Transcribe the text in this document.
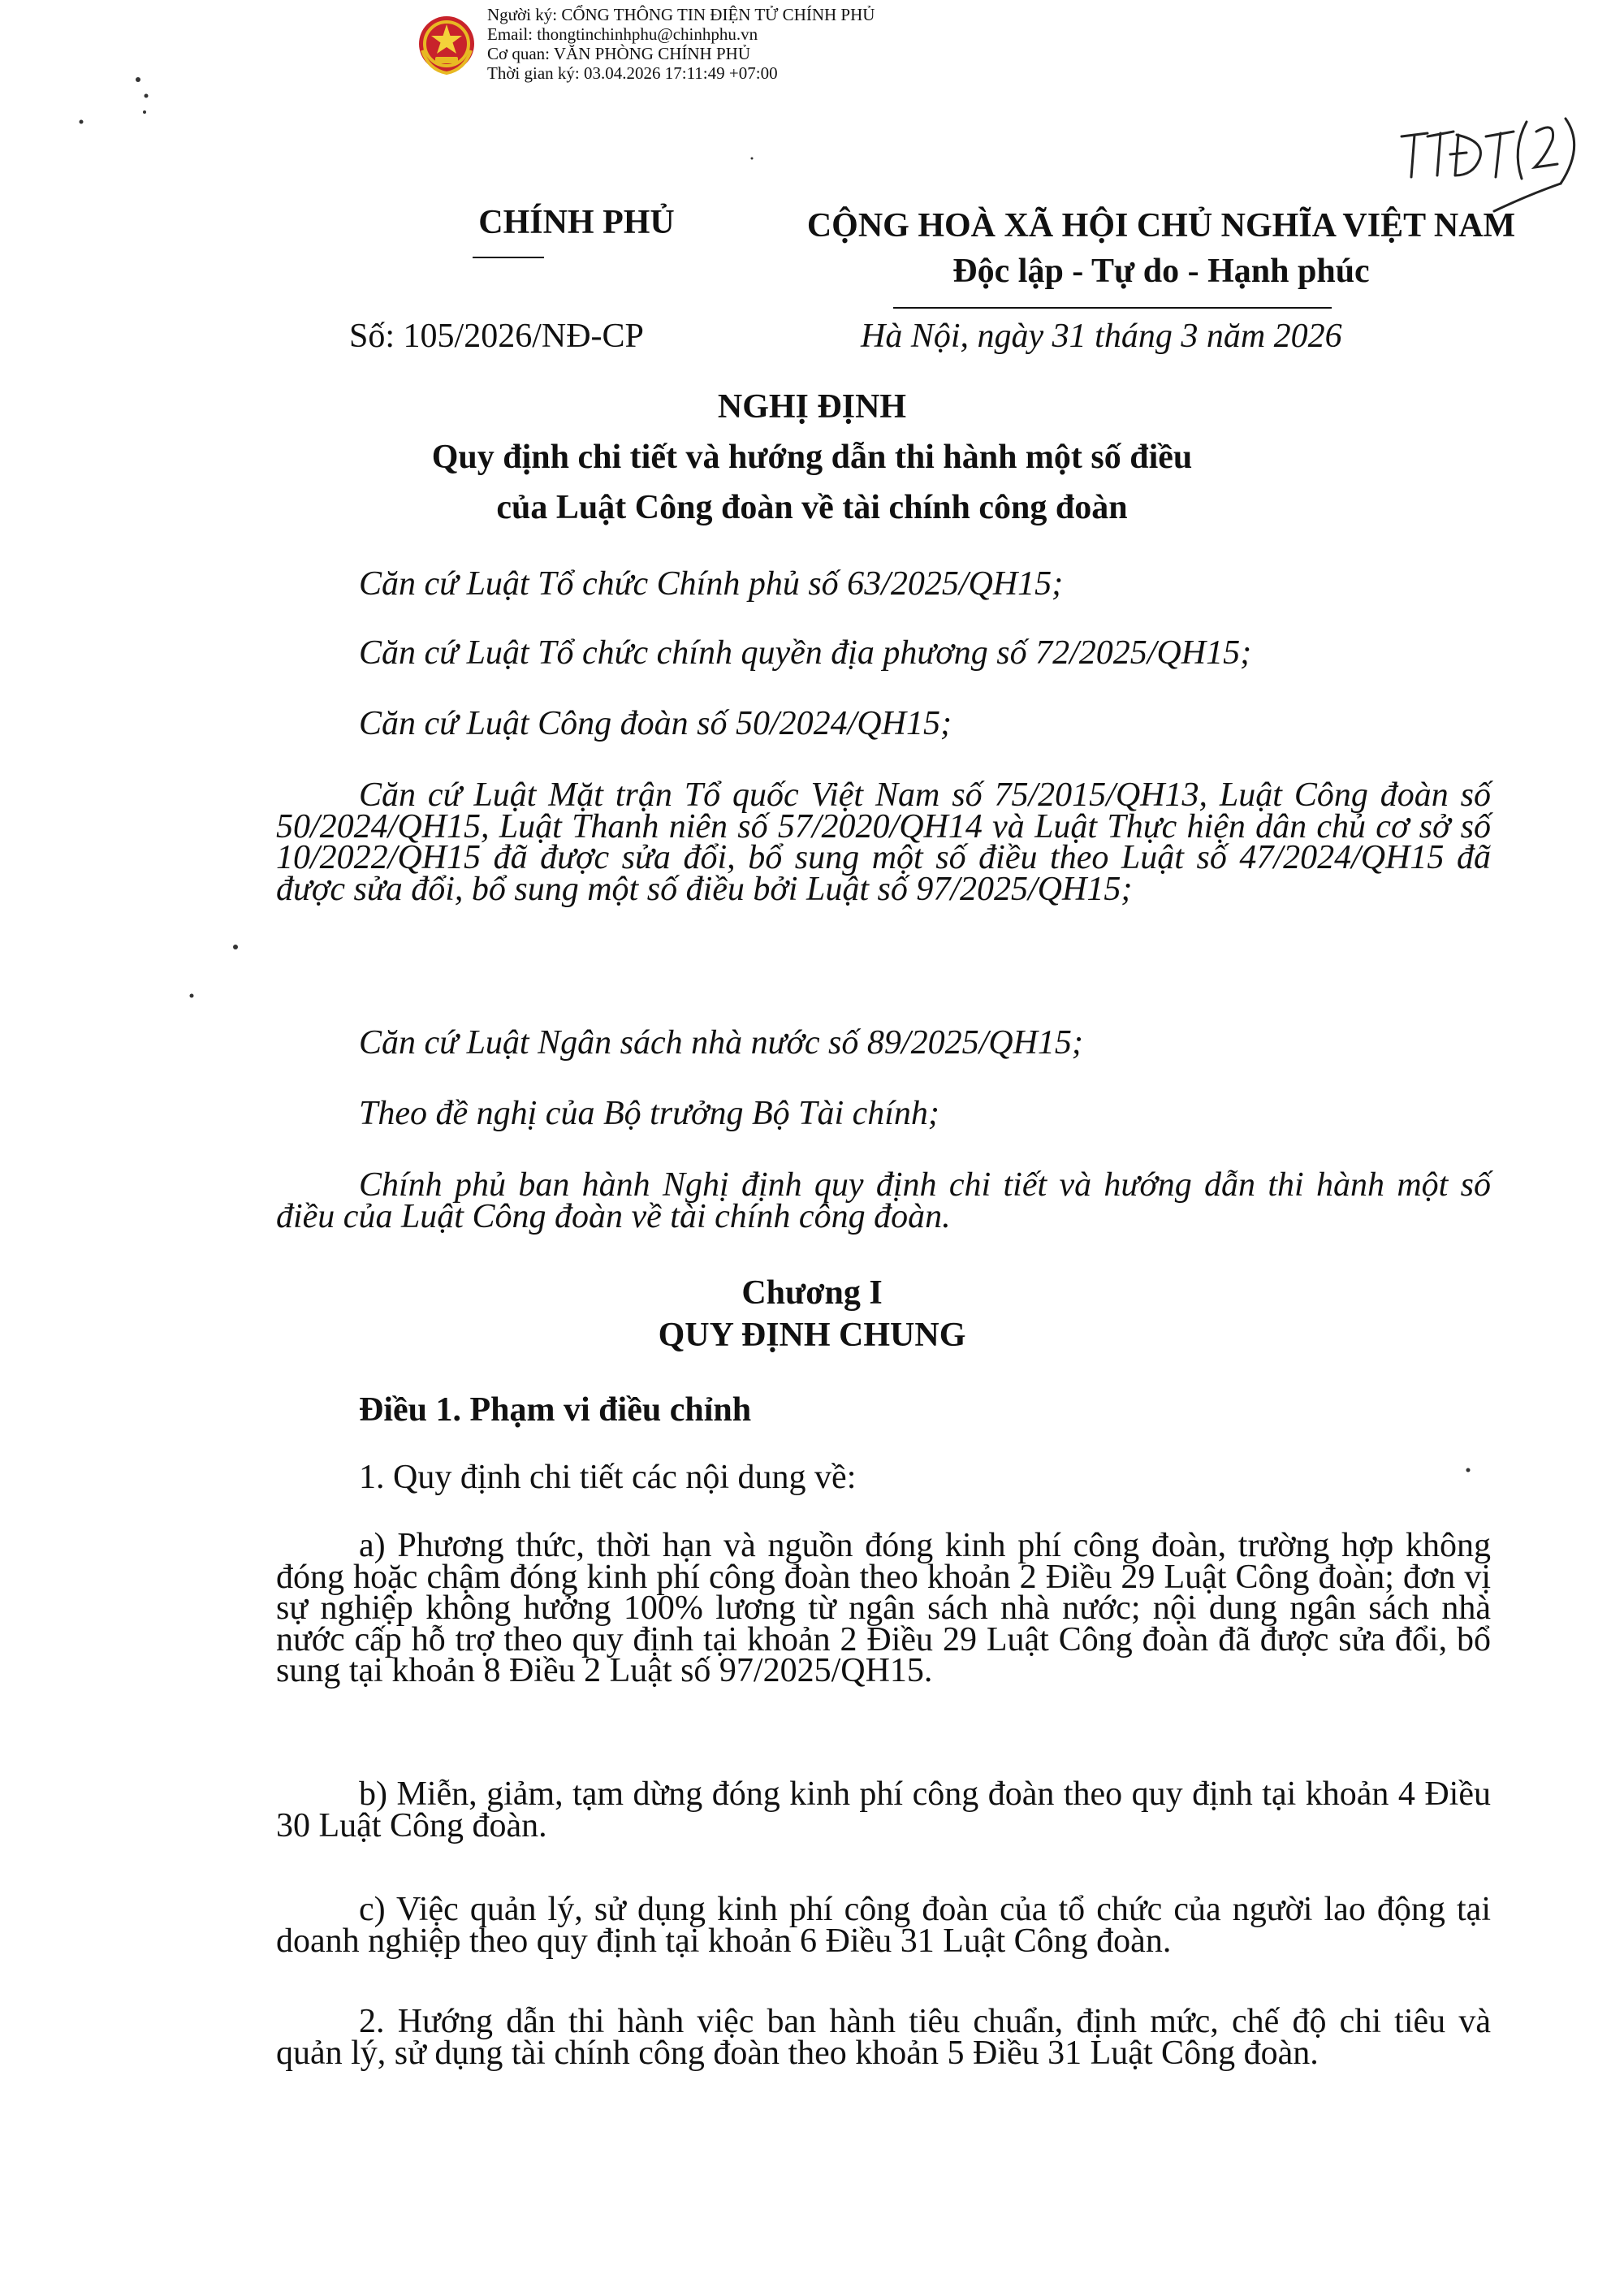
Người ký: CỔNG THÔNG TIN ĐIỆN TỬ CHÍNH PHỦ
Email: thongtinchinhphu@chinhphu.vn
Cơ quan: VĂN PHÒNG CHÍNH PHỦ
Thời gian ký: 03.04.2026 17:11:49 +07:00
CHÍNH PHỦ	CỘNG HOÀ XÃ HỘI CHỦ NGHĨA VIỆT NAM
Độc lập - Tự do - Hạnh phúc
Số: 105/2026/NĐ-CP	Hà Nội, ngày 31 tháng 3 năm 2026
NGHỊ ĐỊNH
Quy định chi tiết và hướng dẫn thi hành một số điều
của Luật Công đoàn về tài chính công đoàn
Căn cứ Luật Tổ chức Chính phủ số 63/2025/QH15;
Căn cứ Luật Tổ chức chính quyền địa phương số 72/2025/QH15;
Căn cứ Luật Công đoàn số 50/2024/QH15;
Căn cứ Luật Mặt trận Tổ quốc Việt Nam số 75/2015/QH13, Luật Công đoàn số 50/2024/QH15, Luật Thanh niên số 57/2020/QH14 và Luật Thực hiện dân chủ cơ sở số 10/2022/QH15 đã được sửa đổi, bổ sung một số điều theo Luật số 47/2024/QH15 đã được sửa đổi, bổ sung một số điều bởi Luật số 97/2025/QH15;
Căn cứ Luật Ngân sách nhà nước số 89/2025/QH15;
Theo đề nghị của Bộ trưởng Bộ Tài chính;
Chính phủ ban hành Nghị định quy định chi tiết và hướng dẫn thi hành một số điều của Luật Công đoàn về tài chính công đoàn.
Chương I
QUY ĐỊNH CHUNG
Điều 1. Phạm vi điều chỉnh
1. Quy định chi tiết các nội dung về:
a) Phương thức, thời hạn và nguồn đóng kinh phí công đoàn, trường hợp không đóng hoặc chậm đóng kinh phí công đoàn theo khoản 2 Điều 29 Luật Công đoàn; đơn vị sự nghiệp không hưởng 100% lương từ ngân sách nhà nước; nội dung ngân sách nhà nước cấp hỗ trợ theo quy định tại khoản 2 Điều 29 Luật Công đoàn đã được sửa đổi, bổ sung tại khoản 8 Điều 2 Luật số 97/2025/QH15.
b) Miễn, giảm, tạm dừng đóng kinh phí công đoàn theo quy định tại khoản 4 Điều 30 Luật Công đoàn.
c) Việc quản lý, sử dụng kinh phí công đoàn của tổ chức của người lao động tại doanh nghiệp theo quy định tại khoản 6 Điều 31 Luật Công đoàn.
2. Hướng dẫn thi hành việc ban hành tiêu chuẩn, định mức, chế độ chi tiêu và quản lý, sử dụng tài chính công đoàn theo khoản 5 Điều 31 Luật Công đoàn.
